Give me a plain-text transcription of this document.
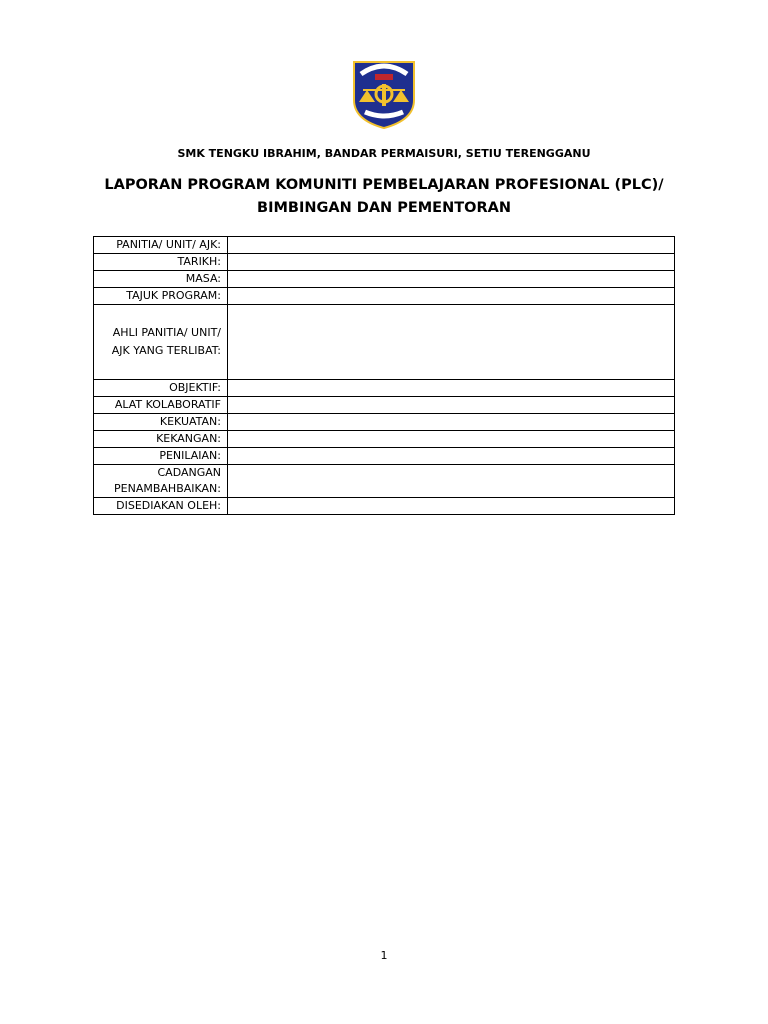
SMK TENGKU IBRAHIM, BANDAR PERMAISURI, SETIU TERENGGANU
LAPORAN PROGRAM KOMUNITI PEMBELAJARAN PROFESIONAL (PLC)/
BIMBINGAN DAN PEMENTORAN
PANITIA/ UNIT/ AJK:	
TARIKH:	
MASA:	
TAJUK PROGRAM:	
AHLI PANITIA/ UNIT/ AJK YANG TERLIBAT:	
OBJEKTIF:	
ALAT KOLABORATIF	
KEKUATAN:	
KEKANGAN:	
PENILAIAN:	
CADANGAN PENAMBAHBAIKAN:	
DISEDIAKAN OLEH:	
1
